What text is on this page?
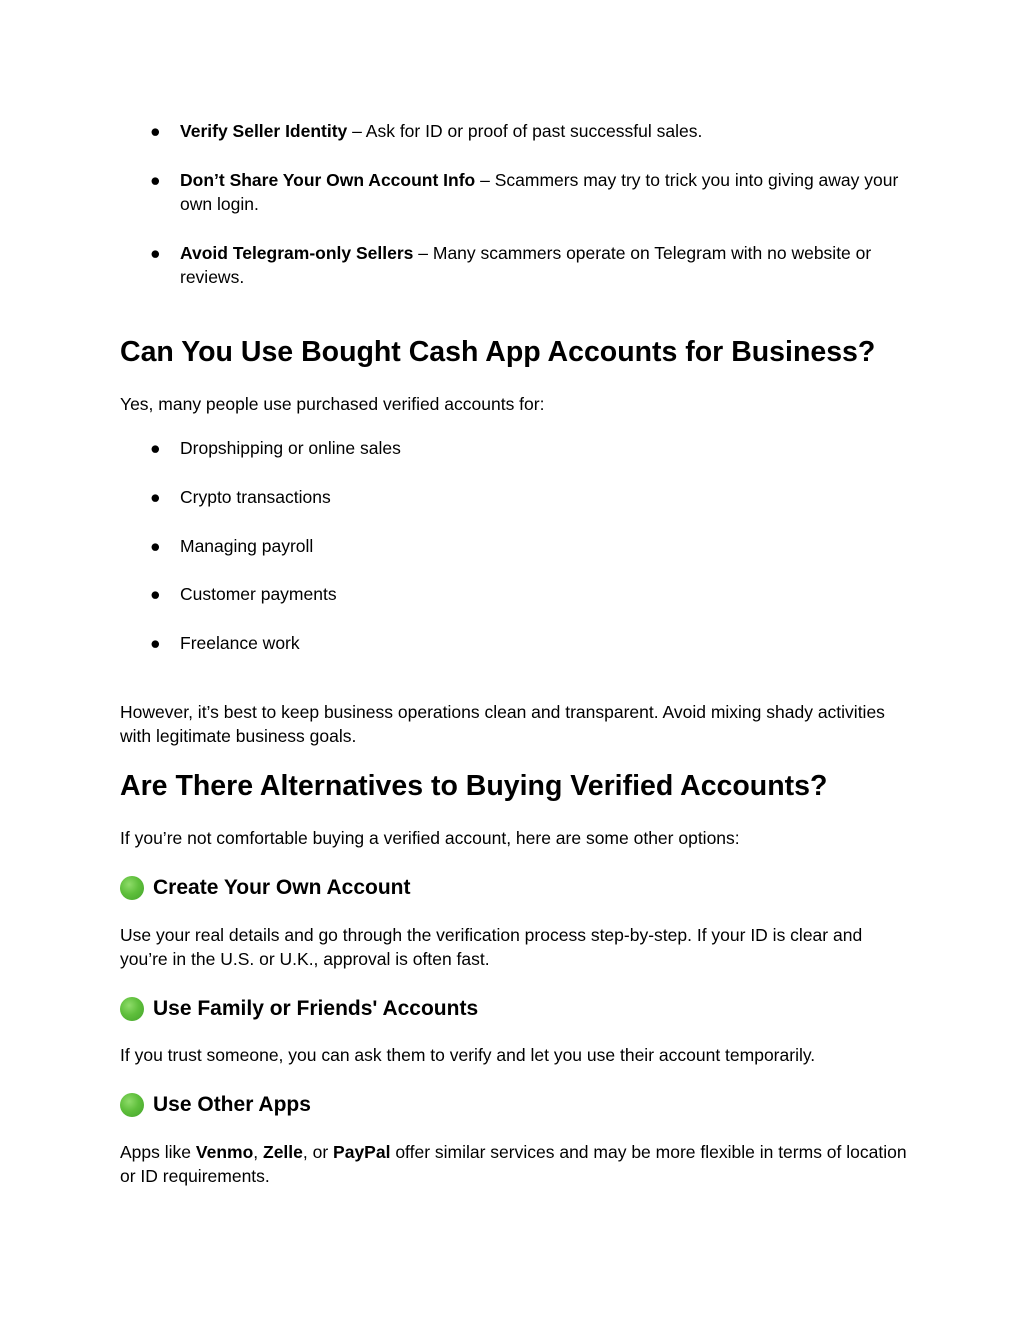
● Verify Seller Identity – Ask for ID or proof of past successful sales.
● Don’t Share Your Own Account Info – Scammers may try to trick you into giving away your own login.
● Avoid Telegram-only Sellers – Many scammers operate on Telegram with no website or reviews.
Can You Use Bought Cash App Accounts for Business?

Yes, many people use purchased verified accounts for:

● Dropshipping or online sales
● Crypto transactions
● Managing payroll
● Customer payments
● Freelance work

However, it’s best to keep business operations clean and transparent. Avoid mixing shady activities with legitimate business goals.

Are There Alternatives to Buying Verified Accounts?

If you’re not comfortable buying a verified account, here are some other options:

Create Your Own Account

Use your real details and go through the verification process step-by-step. If your ID is clear and you’re in the U.S. or U.K., approval is often fast.

Use Family or Friends' Accounts

If you trust someone, you can ask them to verify and let you use their account temporarily.

Use Other Apps

Apps like Venmo, Zelle, or PayPal offer similar services and may be more flexible in terms of location or ID requirements.
